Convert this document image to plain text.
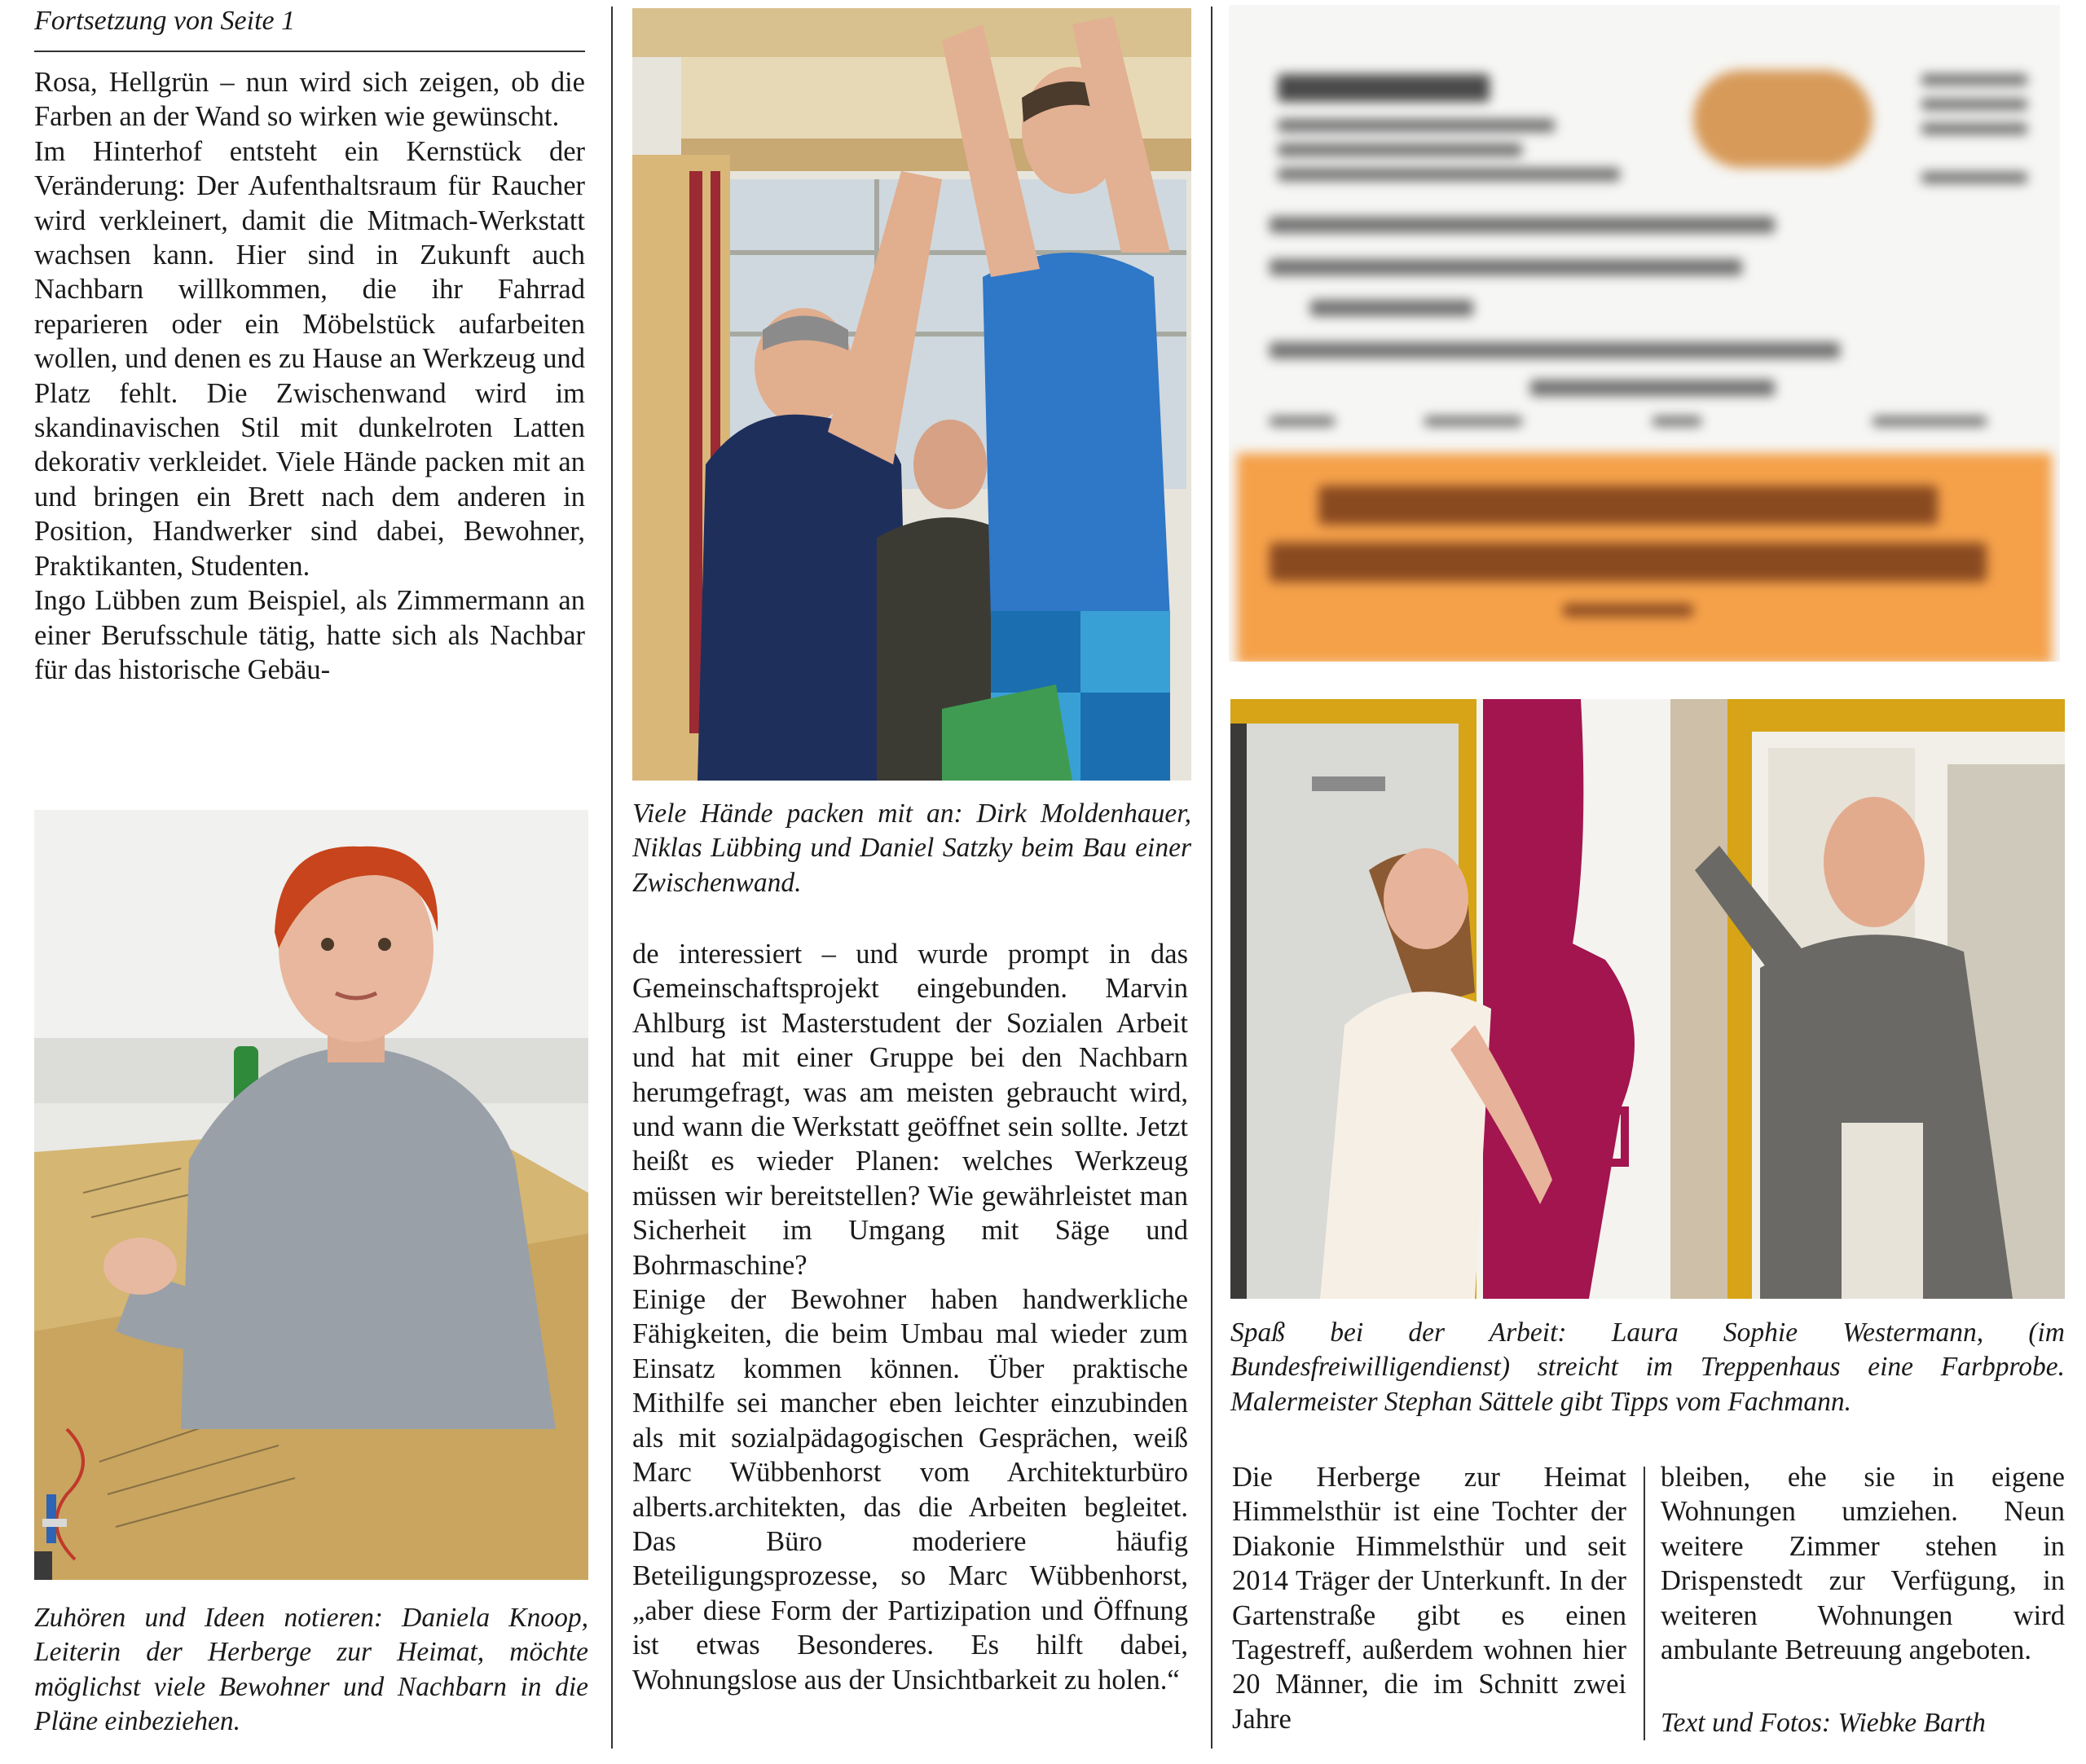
Fortsetzung von Seite 1

Rosa, Hellgrün – nun wird sich zeigen, ob die Farben an der Wand so wirken wie gewünscht.

Im Hinterhof entsteht ein Kernstück der Veränderung: Der Aufenthaltsraum für Raucher wird verkleinert, damit die Mitmach-Werkstatt wachsen kann. Hier sind in Zukunft auch Nachbarn willkommen, die ihr Fahrrad reparieren oder ein Möbelstück aufarbeiten wollen, und denen es zu Hause an Werkzeug und Platz fehlt. Die Zwischenwand wird im skandinavischen Stil mit dunkelroten Latten dekorativ verkleidet. Viele Hände packen mit an und bringen ein Brett nach dem anderen in Position, Handwerker sind dabei, Bewohner, Praktikanten, Studenten.

Ingo Lübben zum Beispiel, als Zimmermann an einer Berufsschule tätig, hatte sich als Nachbar für das historische Gebäu-

Zuhören und Ideen notieren: Daniela Knoop, Leiterin der Herberge zur Heimat, möchte möglichst viele Bewohner und Nachbarn in die Pläne einbeziehen.
Viele Hände packen mit an: Dirk Moldenhauer, Niklas Lübbing und Daniel Satzky beim Bau einer Zwischenwand.

de interessiert – und wurde prompt in das Gemeinschaftsprojekt eingebunden. Marvin Ahlburg ist Masterstudent der Sozialen Arbeit und hat mit einer Gruppe bei den Nachbarn herumgefragt, was am meisten gebraucht wird, und wann die Werkstatt geöffnet sein sollte. Jetzt heißt es wieder Planen: welches Werkzeug müssen wir bereitstellen? Wie gewährleistet man Sicherheit im Umgang mit Säge und Bohrmaschine?

Einige der Bewohner haben handwerkliche Fähigkeiten, die beim Umbau mal wieder zum Einsatz kommen können. Über praktische Mithilfe sei mancher eben leichter einzubinden als mit sozialpädagogischen Gesprächen, weiß Marc Wübbenhorst vom Architekturbüro alberts.architekten, das die Arbeiten begleitet. Das Büro moderiere häufig Beteiligungsprozesse, so Marc Wübbenhorst, „aber diese Form der Partizipation und Öffnung ist etwas Besonderes. Es hilft dabei, Wohnungslose aus der Unsichtbarkeit zu holen.“

Spaß bei der Arbeit: Laura Sophie Westermann, (im Bundesfreiwilligendienst) streicht im Treppenhaus eine Farbprobe. Malermeister Stephan Sättele gibt Tipps vom Fachmann.
Die Herberge zur Heimat Himmelsthür ist eine Tochter der Diakonie Himmelsthür und seit 2014 Träger der Unterkunft. In der Gartenstraße gibt es einen Tagestreff, außerdem wohnen hier 20 Männer, die im Schnitt zwei Jahre
bleiben, ehe sie in eigene Wohnungen umziehen. Neun weitere Zimmer stehen in Drispenstedt zur Verfügung, in weiteren Wohnungen wird ambulante Betreuung angeboten.
Text und Fotos: Wiebke Barth
